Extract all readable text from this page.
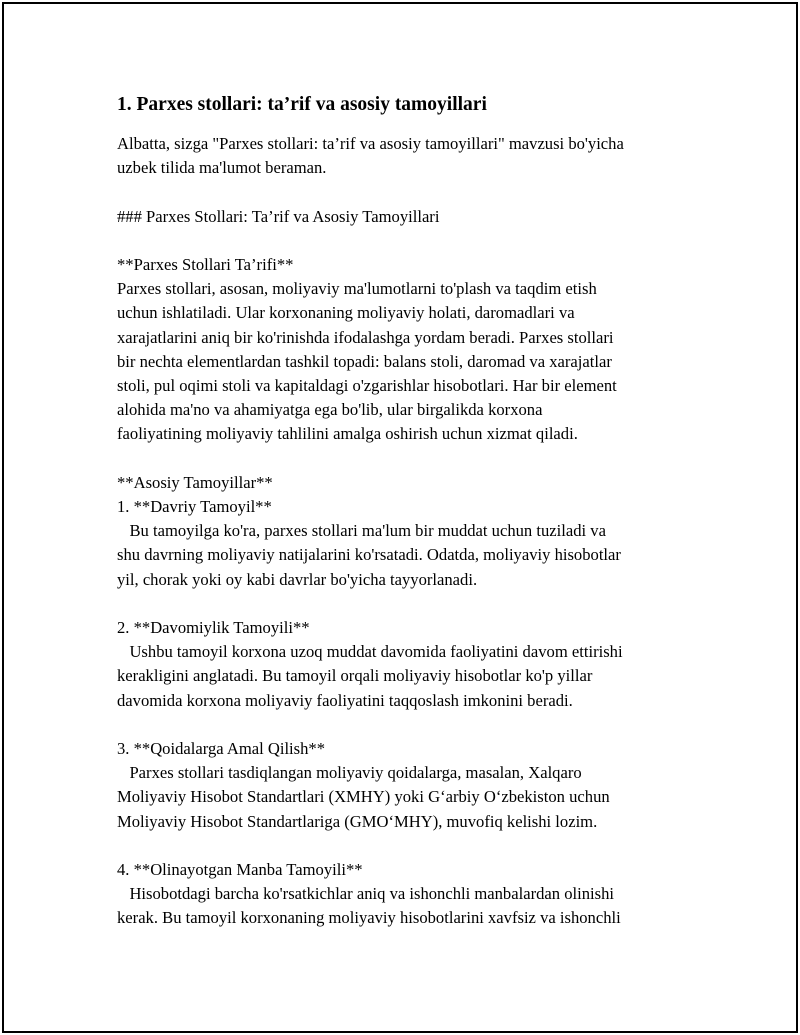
1. Parxes stollari: ta’rif va asosiy tamoyillari

Albatta, sizga "Parxes stollari: ta’rif va asosiy tamoyillari" mavzusi bo'yicha
uzbek tilida ma'lumot beraman.

### Parxes Stollari: Ta’rif va Asosiy Tamoyillari

**Parxes Stollari Ta’rifi**

Parxes stollari, asosan, moliyaviy ma'lumotlarni to'plash va taqdim etish
uchun ishlatiladi. Ular korxonaning moliyaviy holati, daromadlari va
xarajatlarini aniq bir ko'rinishda ifodalashga yordam beradi. Parxes stollari
bir nechta elementlardan tashkil topadi: balans stoli, daromad va xarajatlar
stoli, pul oqimi stoli va kapitaldagi o'zgarishlar hisobotlari. Har bir element
alohida ma'no va ahamiyatga ega bo'lib, ular birgalikda korxona
faoliyatining moliyaviy tahlilini amalga oshirish uchun xizmat qiladi.

**Asosiy Tamoyillar**

1. **Davriy Tamoyil**

Bu tamoyilga ko'ra, parxes stollari ma'lum bir muddat uchun tuziladi va
shu davrning moliyaviy natijalarini ko'rsatadi. Odatda, moliyaviy hisobotlar
yil, chorak yoki oy kabi davrlar bo'yicha tayyorlanadi.

2. **Davomiylik Tamoyili**

Ushbu tamoyil korxona uzoq muddat davomida faoliyatini davom ettirishi
kerakligini anglatadi. Bu tamoyil orqali moliyaviy hisobotlar ko'p yillar
davomida korxona moliyaviy faoliyatini taqqoslash imkonini beradi.

3. **Qoidalarga Amal Qilish**

Parxes stollari tasdiqlangan moliyaviy qoidalarga, masalan, Xalqaro
Moliyaviy Hisobot Standartlari (XMHY) yoki G‘arbiy O‘zbekiston uchun
Moliyaviy Hisobot Standartlariga (GMO‘MHY), muvofiq kelishi lozim.

4. **Olinayotgan Manba Tamoyili**

Hisobotdagi barcha ko'rsatkichlar aniq va ishonchli manbalardan olinishi
kerak. Bu tamoyil korxonaning moliyaviy hisobotlarini xavfsiz va ishonchli
